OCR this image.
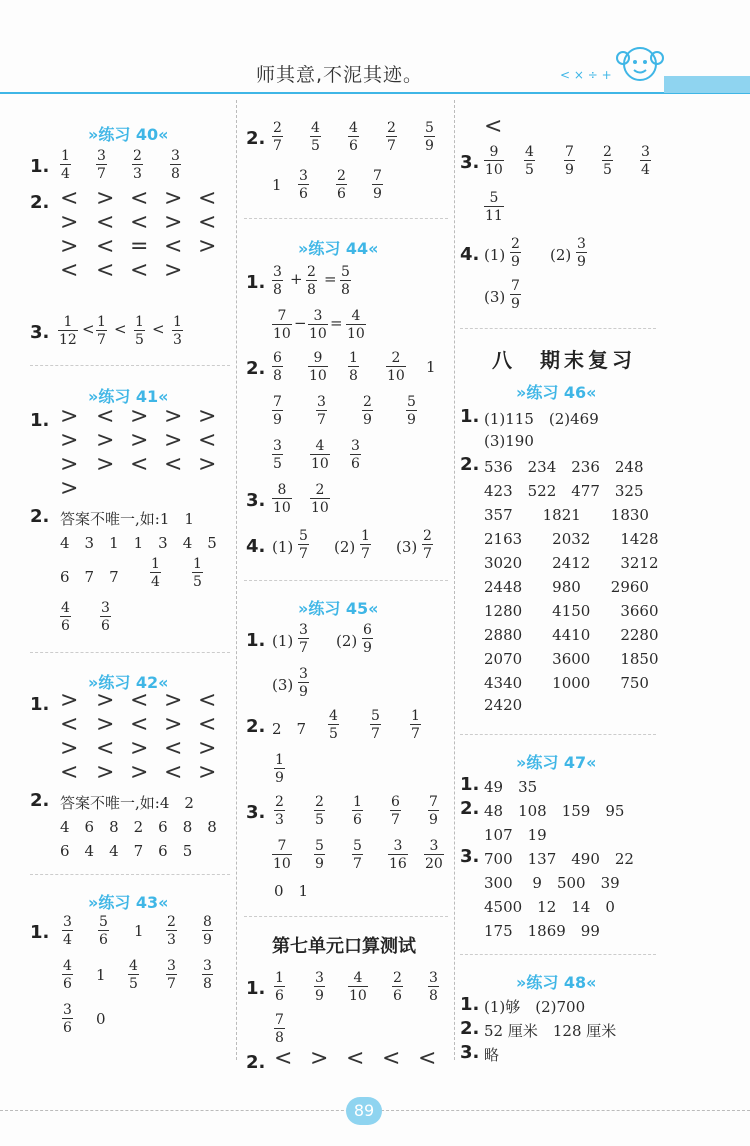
师其意,不泥其迹。	< × ÷ +
»练习 40«
1. 1
4
3
7
2
3
3
8
2. < > < > <
> < < > <
> < = < >
< < < >
3. 1
12
< 1
7
< 1
5
< 1
3
»练习 41«
1. > < > > >
> > > > <
> > < < >
>
2. 答案不唯一,如:1　1
4　3　1　1　3　4　5
6　7　7
1
4
1
5
4
6
3
6
»练习 42«
1. > > < > <
< > < > <
> < > < >
< > > < >
2. 答案不唯一,如:4　2
4　6　8　2　6　8　8
6　4　4　7　6　5
»练习 43«
1. 3
4
5
6 1 2
3
8
9
4
6 1 4
5
3
7
3
8
3
6 0
2. 2
7
4
5
4
6
2
7
5
9
1 3
6
2
6
7
9
»练习 44«
1. 3
8
+ 2
8
= 5
8
7
10
− 3
10
= 4
10
2. 6
8
9
10
1
8
2
10 1
7
9
3
7
2
9
5
9
3
5
4
10
3
6
3. 8
10
2
10
4. (1)
5
7 (2)
1
7 (3)
2
7
»练习 45«
1. (1)
3
7 (2)
6
9
(3)
3
9
2. 2　7
4
5
5
7
1
7
1
9
3. 2
3
2
5
1
6
6
7
7
9
7
10
5
9
5
7
3
16
3
20
0　1
第七单元口算测试
1. 1
6
3
9
4
10
2
6
3
8
7
8
2. < > < < <
<
3. 9
10
4
5
7
9
2
5
3
4
5
11
4. (1)
2
9 (2)
3
9
(3)
7
9
八　期末复习
»练习 46«
1. (1)115　(2)469
(3)190
2. 536　234　236　248
423　522　477　325
357　　1821　　1830
2163　　2032　　1428
3020　　2412　　3212
2448　　980　　2960
1280　　4150　　3660
2880　　4410　　2280
2070　　3600　　1850
4340　　1000　　750
2420
»练习 47«
1. 49　35
2. 48　108　159　95
107　19
3. 700　137　490　22
300　 9　500　39
4500　12　14　0
175　1869　99
»练习 48«
1. (1)够　(2)700
2. 52 厘米　128 厘米
3. 略
89
